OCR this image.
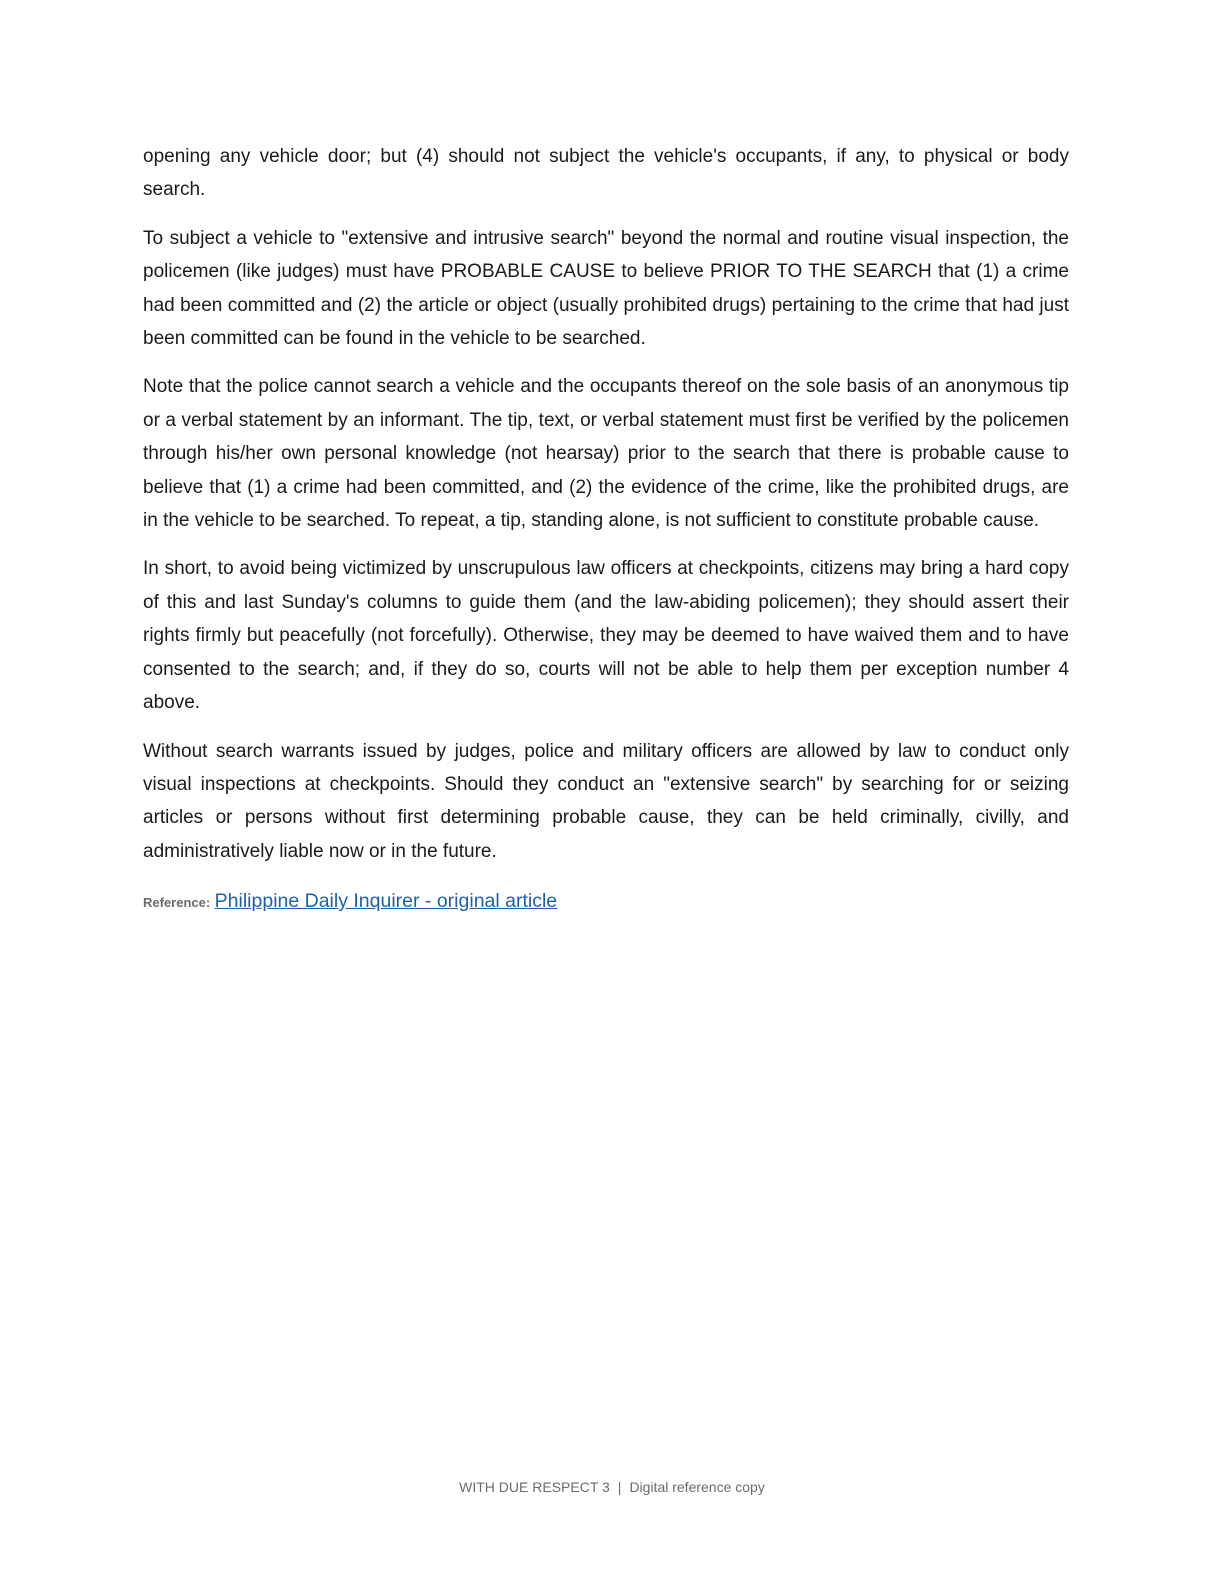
opening any vehicle door; but (4) should not subject the vehicle's occupants, if any, to physical or body search.

To subject a vehicle to "extensive and intrusive search" beyond the normal and routine visual inspection, the policemen (like judges) must have PROBABLE CAUSE to believe PRIOR TO THE SEARCH that (1) a crime had been committed and (2) the article or object (usually prohibited drugs) pertaining to the crime that had just been committed can be found in the vehicle to be searched.

Note that the police cannot search a vehicle and the occupants thereof on the sole basis of an anonymous tip or a verbal statement by an informant. The tip, text, or verbal statement must first be verified by the policemen through his/her own personal knowledge (not hearsay) prior to the search that there is probable cause to believe that (1) a crime had been committed, and (2) the evidence of the crime, like the prohibited drugs, are in the vehicle to be searched. To repeat, a tip, standing alone, is not sufficient to constitute probable cause.

In short, to avoid being victimized by unscrupulous law officers at checkpoints, citizens may bring a hard copy of this and last Sunday's columns to guide them (and the law-abiding policemen); they should assert their rights firmly but peacefully (not forcefully). Otherwise, they may be deemed to have waived them and to have consented to the search; and, if they do so, courts will not be able to help them per exception number 4 above.

Without search warrants issued by judges, police and military officers are allowed by law to conduct only visual inspections at checkpoints. Should they conduct an "extensive search" by searching for or seizing articles or persons without first determining probable cause, they can be held criminally, civilly, and administratively liable now or in the future.

Reference: Philippine Daily Inquirer - original article
WITH DUE RESPECT 3 | Digital reference copy
